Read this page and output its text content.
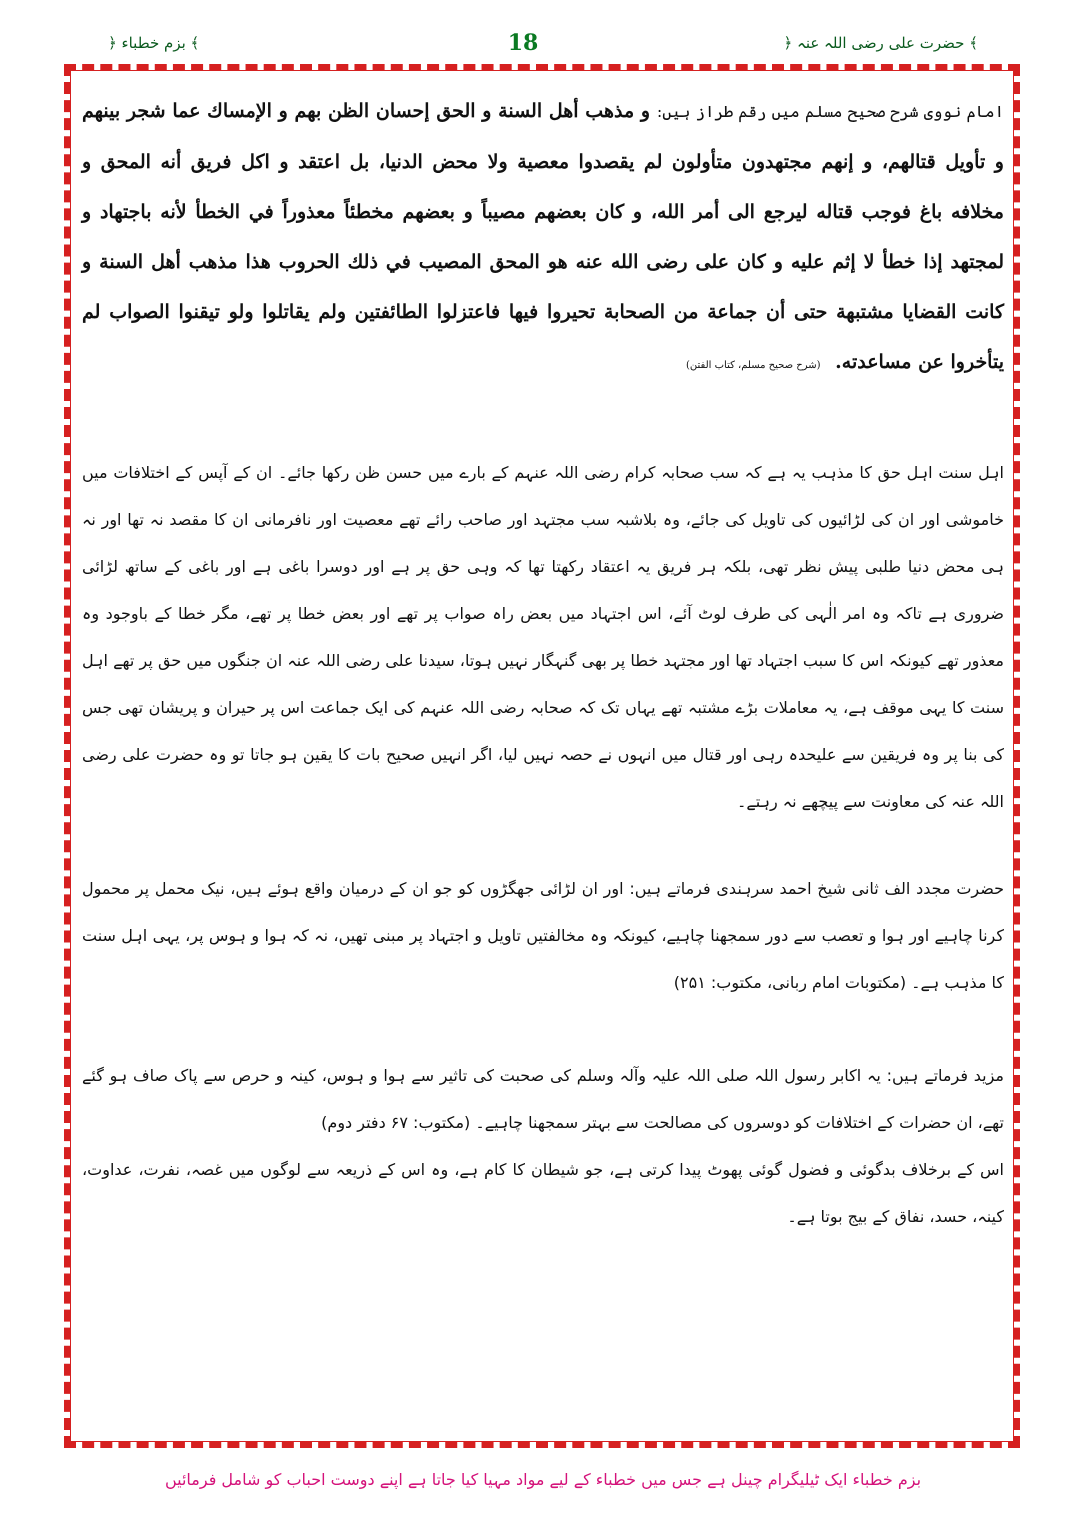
﴾ بزم خطباء ﴿	18	﴾ حضرت علی رضی اللہ عنہ ﴿

امام نووی شرح صحیح مسلم میں رقم طراز ہیں: و مذهب أهل السنة و الحق إحسان الظن بهم و الإمساك عما شجر بينهم و تأويل قتالهم، و إنهم مجتهدون متأولون لم يقصدوا معصية ولا محض الدنيا، بل اعتقد و اكل فريق أنه المحق و مخلافه باغ فوجب قتاله ليرجع الى أمر الله، و كان بعضهم مصيباً و بعضهم مخطئاً معذوراً في الخطأ لأنه باجتهاد و لمجتهد إذا خطأ لا إثم عليه و كان على رضى الله عنه هو المحق المصيب في ذلك الحروب هذا مذهب أهل السنة و كانت القضايا مشتبهة حتى أن جماعة من الصحابة تحيروا فيها فاعتزلوا الطائفتين ولم يقاتلوا ولو تيقنوا الصواب لم يتأخروا عن مساعدته. (شرح صحیح مسلم، کتاب الفتن)

اہل سنت اہل حق کا مذہب یہ ہے کہ سب صحابہ کرام رضی اللہ عنہم کے بارے میں حسن ظن رکھا جائے۔ ان کے آپس کے اختلافات میں خاموشی اور ان کی لڑائیوں کی تاویل کی جائے، وہ بلاشبہ سب مجتہد اور صاحب رائے تھے معصیت اور نافرمانی ان کا مقصد نہ تھا اور نہ ہی محض دنیا طلبی پیش نظر تھی، بلکہ ہر فریق یہ اعتقاد رکھتا تھا کہ وہی حق پر ہے اور دوسرا باغی ہے اور باغی کے ساتھ لڑائی ضروری ہے تاکہ وہ امر الٰہی کی طرف لوٹ آئے، اس اجتہاد میں بعض راہ صواب پر تھے اور بعض خطا پر تھے، مگر خطا کے باوجود وہ معذور تھے کیونکہ اس کا سبب اجتہاد تھا اور مجتہد خطا پر بھی گنہگار نہیں ہوتا، سیدنا علی رضی اللہ عنہ ان جنگوں میں حق پر تھے اہل سنت کا یہی موقف ہے، یہ معاملات بڑے مشتبہ تھے یہاں تک کہ صحابہ رضی اللہ عنہم کی ایک جماعت اس پر حیران و پریشان تھی جس کی بنا پر وہ فریقین سے علیحدہ رہی اور قتال میں انہوں نے حصہ نہیں لیا، اگر انہیں صحیح بات کا یقین ہو جاتا تو وہ حضرت علی رضی اللہ عنہ کی معاونت سے پیچھے نہ رہتے۔

حضرت مجدد الف ثانی شیخ احمد سرہندی فرماتے ہیں: اور ان لڑائی جھگڑوں کو جو ان کے درمیان واقع ہوئے ہیں، نیک محمل پر محمول کرنا چاہیے اور ہوا و تعصب سے دور سمجھنا چاہیے، کیونکہ وہ مخالفتیں تاویل و اجتہاد پر مبنی تھیں، نہ کہ ہوا و ہوس پر، یہی اہل سنت کا مذہب ہے۔ (مکتوبات امام ربانی، مکتوب: ۲۵۱)

مزید فرماتے ہیں: یہ اکابر رسول اللہ صلی اللہ علیہ وآلہ وسلم کی صحبت کی تاثیر سے ہوا و ہوس، کینہ و حرص سے پاک صاف ہو گئے تھے، ان حضرات کے اختلافات کو دوسروں کی مصالحت سے بہتر سمجھنا چاہیے۔ (مکتوب: ۶۷ دفتر دوم)

اس کے برخلاف بدگوئی و فضول گوئی پھوٹ پیدا کرتی ہے، جو شیطان کا کام ہے، وہ اس کے ذریعہ سے لوگوں میں غصہ، نفرت، عداوت، کینہ، حسد، نفاق کے بیج بوتا ہے۔

بزم خطباء ایک ٹیلیگرام چینل ہے جس میں خطباء کے لیے مواد مہیا کیا جاتا ہے اپنے دوست احباب کو شامل فرمائیں
